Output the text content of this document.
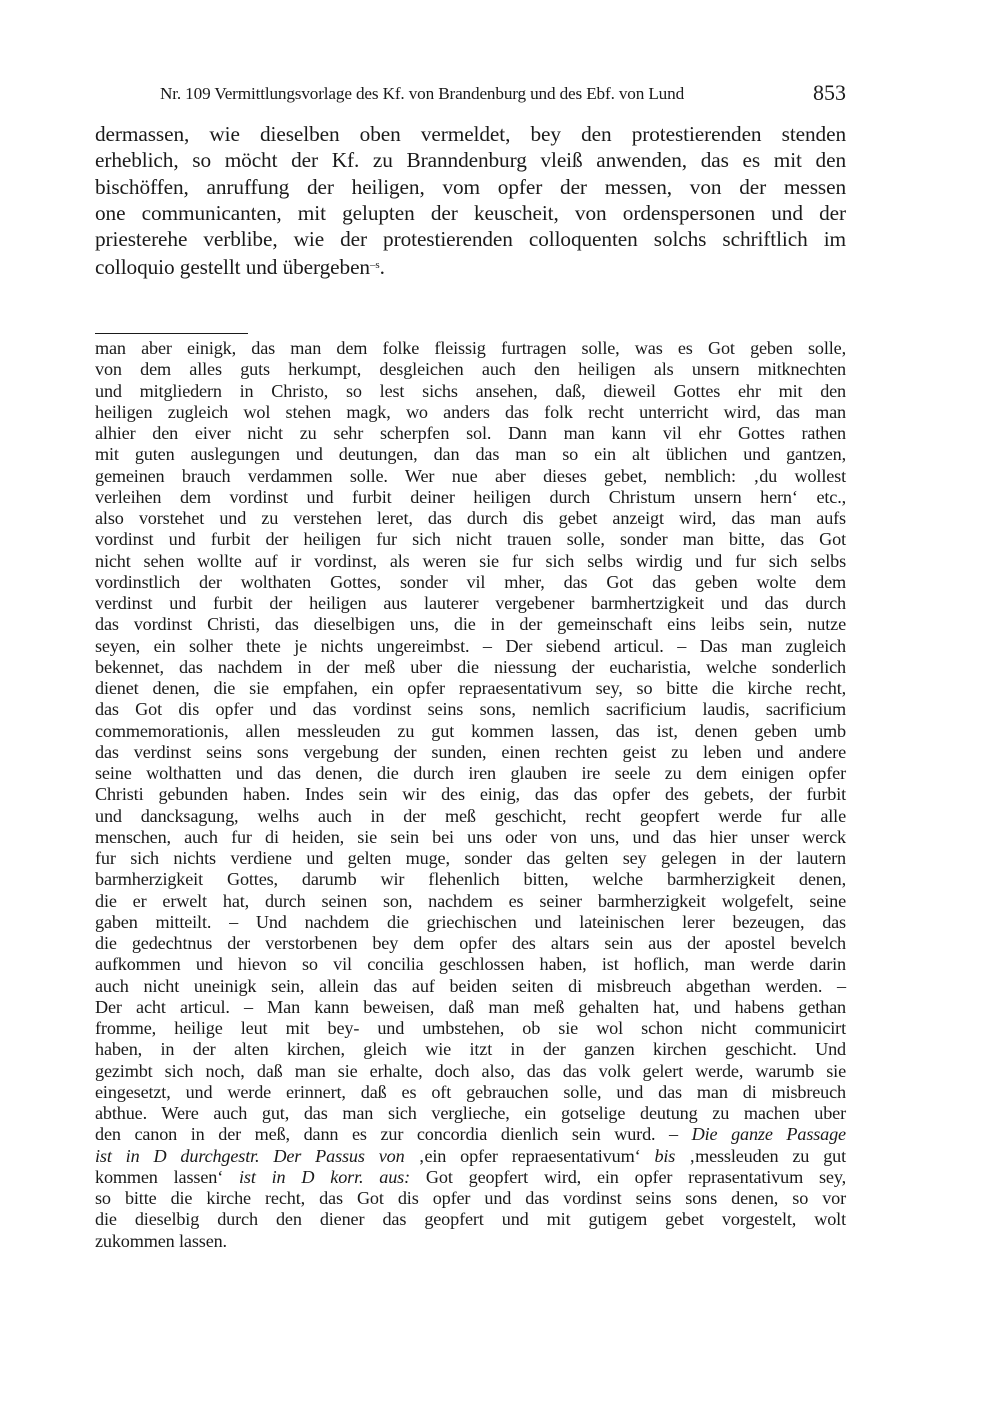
Nr. 109 Vermittlungsvorlage des Kf. von Brandenburg und des Ebf. von Lund	853
dermassen, wie dieselben oben vermeldet, bey den protestierenden stenden
erheblich, so möcht der Kf. zu Branndenburg vleiß anwenden, das es mit den
bischöffen, anruffung der heiligen, vom opfer der messen, von der messen
one communicanten, mit gelupten der keuscheit, von ordenspersonen und der
priesterehe verblibe, wie der protestierenden colloquenten solchs schriftlich im
colloquio gestellt und übergeben$^{-s}$.
man aber einigk, das man dem folke fleissig furtragen solle, was es Got geben solle,
von dem alles guts herkumpt, desgleichen auch den heiligen als unsern mitknechten
und mitgliedern in Christo, so lest sichs ansehen, daß, dieweil Gottes ehr mit den
heiligen zugleich wol stehen magk, wo anders das folk recht unterricht wird, das man
alhier den eiver nicht zu sehr scherpfen sol. Dann man kann vil ehr Gottes rathen
mit guten auslegungen und deutungen, dan das man so ein alt üblichen und gantzen,
gemeinen brauch verdammen solle. Wer nue aber dieses gebet, nemblich: ‚du wollest
verleihen dem vordinst und furbit deiner heiligen durch Christum unsern hern‘ etc.,
also vorstehet und zu verstehen leret, das durch dis gebet anzeigt wird, das man aufs
vordinst und furbit der heiligen fur sich nicht trauen solle, sonder man bitte, das Got
nicht sehen wollte auf ir vordinst, als weren sie fur sich selbs wirdig und fur sich selbs
vordinstlich der wolthaten Gottes, sonder vil mher, das Got das geben wolte dem
verdinst und furbit der heiligen aus lauterer vergebener barmhertzigkeit und das durch
das vordinst Christi, das dieselbigen uns, die in der gemeinschaft eins leibs sein, nutze
seyen, ein solher thete je nichts ungereimbst. – Der siebend articul. – Das man zugleich
bekennet, das nachdem in der meß uber die niessung der eucharistia, welche sonderlich
dienet denen, die sie empfahen, ein opfer repraesentativum sey, so bitte die kirche recht,
das Got dis opfer und das vordinst seins sons, nemlich sacrificium laudis, sacrificium
commemorationis, allen messleuden zu gut kommen lassen, das ist, denen geben umb
das verdinst seins sons vergebung der sunden, einen rechten geist zu leben und andere
seine wolthatten und das denen, die durch iren glauben ire seele zu dem einigen opfer
Christi gebunden haben. Indes sein wir des einig, das das opfer des gebets, der furbit
und dancksagung, welhs auch in der meß geschicht, recht geopfert werde fur alle
menschen, auch fur di heiden, sie sein bei uns oder von uns, und das hier unser werck
fur sich nichts verdiene und gelten muge, sonder das gelten sey gelegen in der lautern
barmherzigkeit Gottes, darumb wir flehenlich bitten, welche barmherzigkeit denen,
die er erwelt hat, durch seinen son, nachdem es seiner barmherzigkeit wolgefelt, seine
gaben mitteilt. – Und nachdem die griechischen und lateinischen lerer bezeugen, das
die gedechtnus der verstorbenen bey dem opfer des altars sein aus der apostel bevelch
aufkommen und hievon so vil concilia geschlossen haben, ist hoflich, man werde darin
auch nicht uneinigk sein, allein das auf beiden seiten di misbreuch abgethan werden. –
Der acht articul. – Man kann beweisen, daß man meß gehalten hat, und habens gethan
fromme, heilige leut mit bey- und umbstehen, ob sie wol schon nicht communicirt
haben, in der alten kirchen, gleich wie itzt in der ganzen kirchen geschicht. Und
gezimbt sich noch, daß man sie erhalte, doch also, das das volk gelert werde, warumb sie
eingesetzt, und werde erinnert, daß es oft gebrauchen solle, und das man di misbreuch
abthue. Were auch gut, das man sich verglieche, ein gotselige deutung zu machen uber
den canon in der meß, dann es zur concordia dienlich sein wurd. – Die ganze Passage
ist in D durchgestr. Der Passus von ‚ein opfer repraesentativum‘ bis ‚messleuden zu gut
kommen lassen‘ ist in D korr. aus: Got geopfert wird, ein opfer reprasentativum sey,
so bitte die kirche recht, das Got dis opfer und das vordinst seins sons denen, so vor
die dieselbig durch den diener das geopfert und mit gutigem gebet vorgestelt, wolt
zukommen lassen.
